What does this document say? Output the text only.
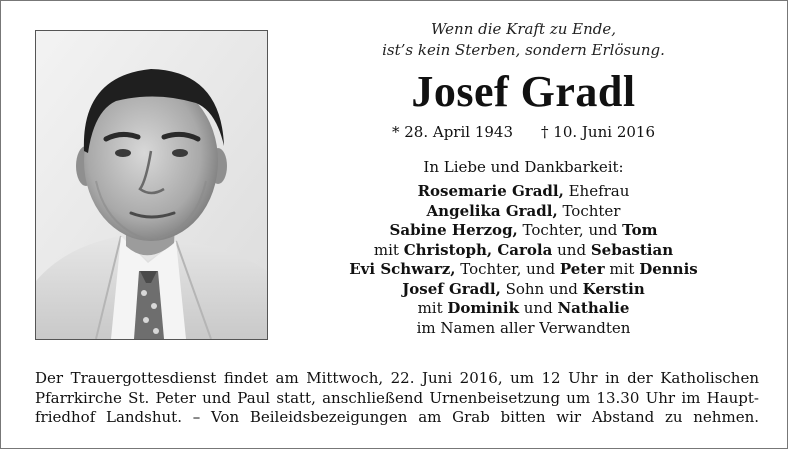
Wenn die Kraft zu Ende,
ist’s kein Sterben, sondern Erlösung.
Josef Gradl
* 28. April 1943 † 10. Juni 2016
In Liebe und Dankbarkeit:
Rosemarie Gradl, Ehefrau
Angelika Gradl, Tochter
Sabine Herzog, Tochter, und Tom
mit Christoph, Carola und Sebastian
Evi Schwarz, Tochter, und Peter mit Dennis
Josef Gradl, Sohn und Kerstin
mit Dominik und Nathalie
im Namen aller Verwandten
Der Trauergottesdienst findet am Mittwoch, 22. Juni 2016, um 12 Uhr in der Katholischen
Pfarrkirche St. Peter und Paul statt, anschließend Urnenbeisetzung um 13.30 Uhr im Haupt-
friedhof Landshut. – Von Beileidsbezeigungen am Grab bitten wir Abstand zu nehmen.
